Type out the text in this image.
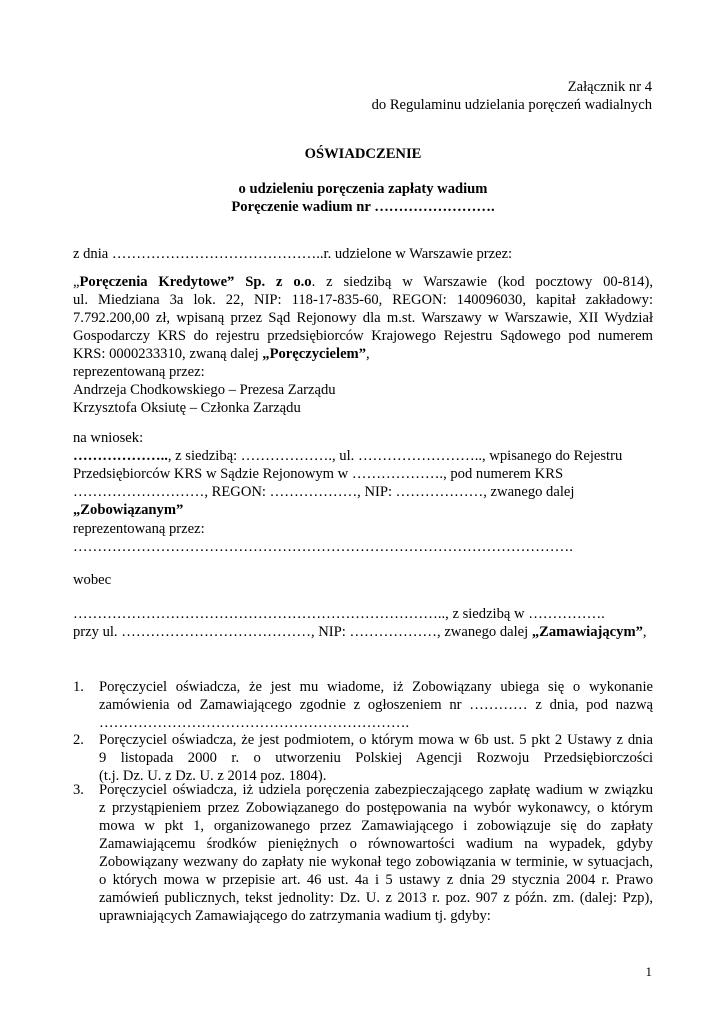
Załącznik nr 4
do Regulaminu udzielania poręczeń wadialnych
OŚWIADCZENIE
o udzieleniu poręczenia zapłaty wadium
Poręczenie wadium nr …………………….
z dnia ……………………………………..r. udzielone w Warszawie przez:
„Poręczenia Kredytowe” Sp. z o.o. z siedzibą w Warszawie (kod pocztowy 00-814),
ul. Miedziana 3a lok. 22, NIP: 118-17-835-60, REGON: 140096030, kapitał zakładowy:
7.792.200,00 zł, wpisaną przez Sąd Rejonowy dla m.st. Warszawy w Warszawie, XII Wydział
Gospodarczy KRS do rejestru przedsiębiorców Krajowego Rejestru Sądowego pod numerem
KRS: 0000233310, zwaną dalej „Poręczycielem”,
reprezentowaną przez:
Andrzeja Chodkowskiego – Prezesa Zarządu
Krzysztofa Oksiutę – Członka Zarządu
na wniosek:
……………….., z siedzibą: ………………., ul. …………………….., wpisanego do Rejestru
Przedsiębiorców KRS w Sądzie Rejonowym w ………………., pod numerem KRS
………………………, REGON: ………………, NIP: ………………, zwanego dalej
„Zobowiązanym”
reprezentowaną przez:
………………………………………………………………………………………….
wobec
………………………………………………………………….., z siedzibą w …………….
przy ul. …………………………………, NIP: ………………, zwanego dalej „Zamawiającym”,
1. Poręczyciel oświadcza, że jest mu wiadome, iż Zobowiązany ubiega się o wykonanie
zamówienia od Zamawiającego zgodnie z ogłoszeniem nr ………… z dnia, pod nazwą
……………………………………………………….
2. Poręczyciel oświadcza, że jest podmiotem, o którym mowa w 6b ust. 5 pkt 2 Ustawy z dnia
9 listopada 2000 r. o utworzeniu Polskiej Agencji Rozwoju Przedsiębiorczości
(t.j. Dz. U. z Dz. U. z 2014 poz. 1804).
3. Poręczyciel oświadcza, iż udziela poręczenia zabezpieczającego zapłatę wadium w związku
z przystąpieniem przez Zobowiązanego do postępowania na wybór wykonawcy, o którym
mowa w pkt 1, organizowanego przez Zamawiającego i zobowiązuje się do zapłaty
Zamawiającemu środków pieniężnych o równowartości wadium na wypadek, gdyby
Zobowiązany wezwany do zapłaty nie wykonał tego zobowiązania w terminie, w sytuacjach,
o których mowa w przepisie art. 46 ust. 4a i 5 ustawy z dnia 29 stycznia 2004 r. Prawo
zamówień publicznych, tekst jednolity: Dz. U. z 2013 r. poz. 907 z późn. zm. (dalej: Pzp),
uprawniających Zamawiającego do zatrzymania wadium tj. gdyby:
1
